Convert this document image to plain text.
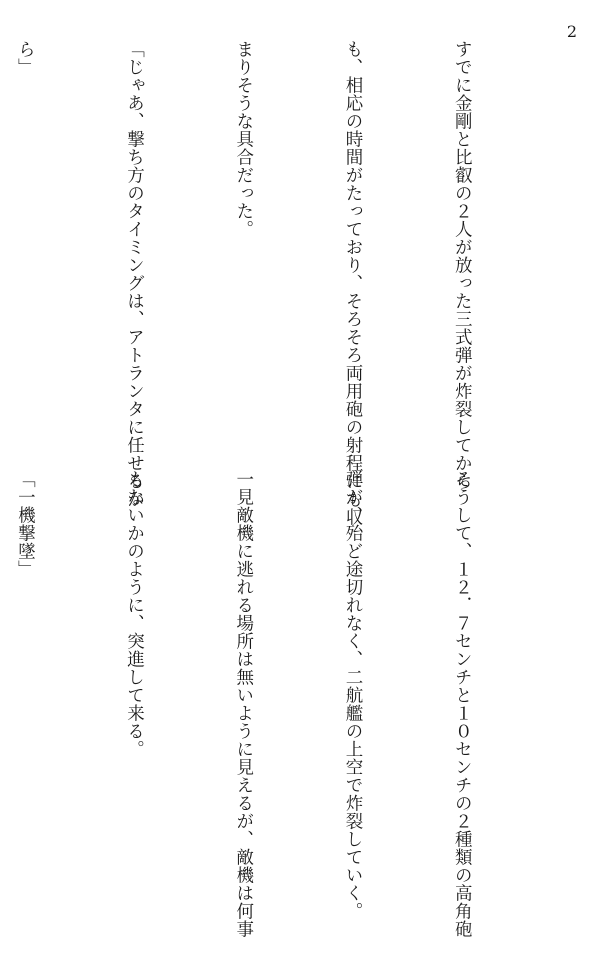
2

すでに金剛と比叡の２人が放った三式弾が炸裂してから

も、相応の時間がたっており、そろそろ両用砲の射程にも収

まりそうな具合だった。

「じゃあ、撃ち方のタイミングは、アトランタに任せるか

ら」

そうして、１２．７センチと１０センチの２種類の高角砲

弾が、殆ど途切れなく、二航艦の上空で炸裂していく。

一見敵機に逃れる場所は無いように見えるが、敵機は何事

もないかのように、突進して来る。

「一機撃墜」
